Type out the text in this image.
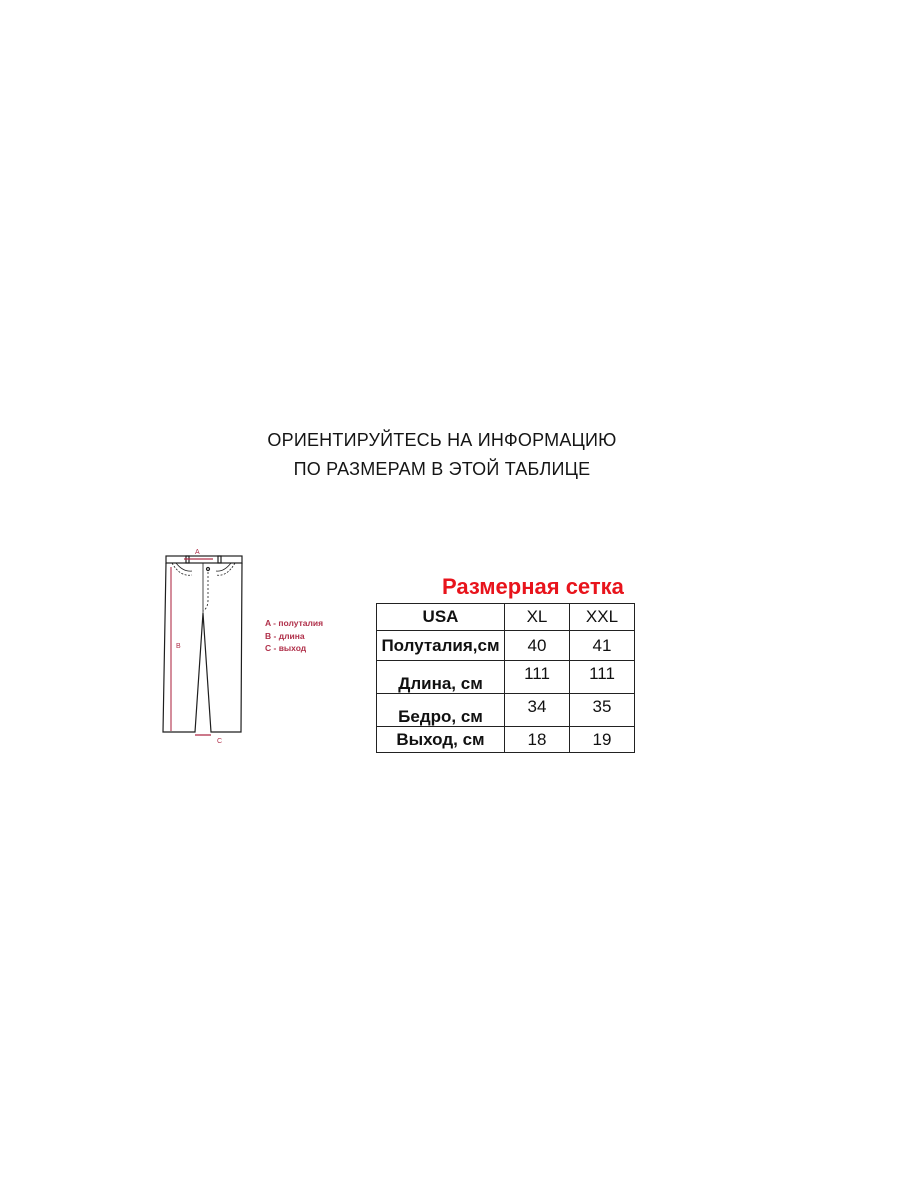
ОРИЕНТИРУЙТЕСЬ НА ИНФОРМАЦИЮ
ПО РАЗМЕРАМ В ЭТОЙ ТАБЛИЦЕ
A
B
C
A - полуталия
B - длина
C - выход
Размерная сетка
USA	XL	XXL
Полуталия,см	40	41
Длина, см	111	111
Бедро, см	34	35
Выход, см	18	19
